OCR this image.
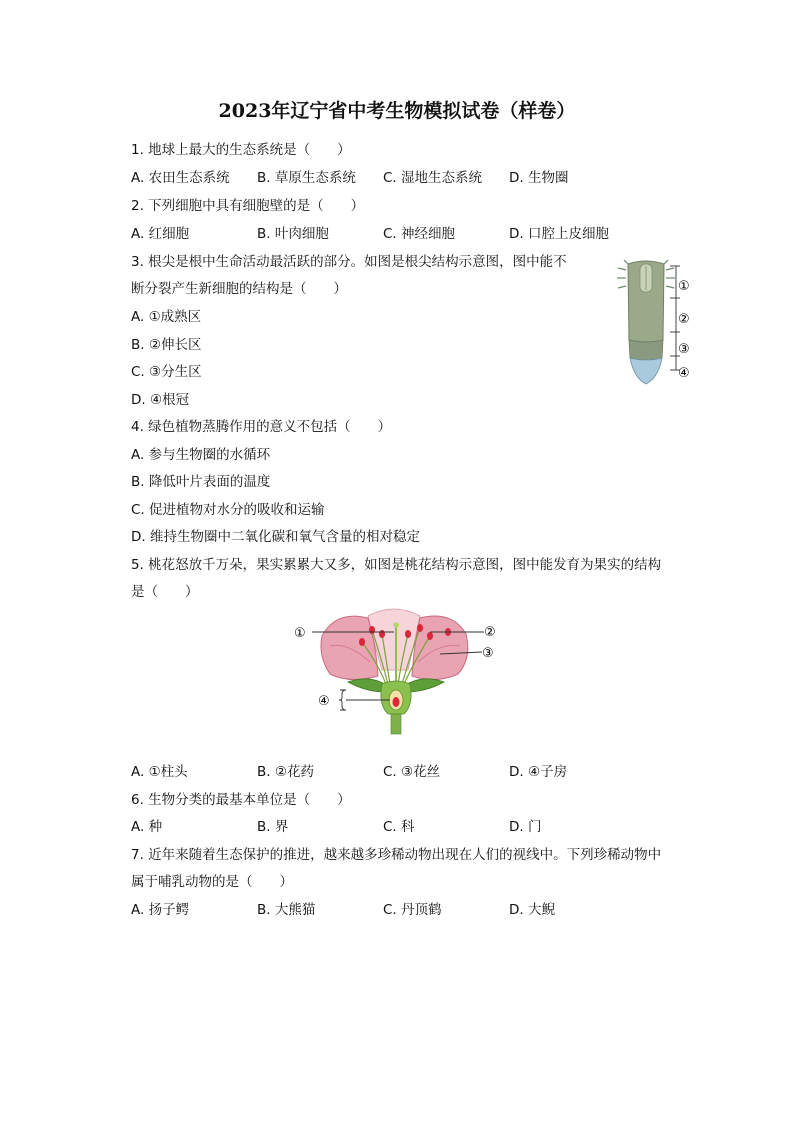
2023年辽宁省中考生物模拟试卷（样卷）
1. 地球上最大的生态系统是（　　）
A. 农田生态系统 B. 草原生态系统 C. 湿地生态系统 D. 生物圈
2. 下列细胞中具有细胞壁的是（　　）
A. 红细胞	B. 叶肉细胞	C. 神经细胞	D. 口腔上皮细胞
3. 根尖是根中生命活动最活跃的部分。如图是根尖结构示意图，图中能不
断分裂产生新细胞的结构是（　　）
A. ①成熟区
B. ②伸长区
C. ③分生区
D. ④根冠
①
②
③
④
4. 绿色植物蒸腾作用的意义不包括（　　）
A. 参与生物圈的水循环
B. 降低叶片表面的温度
C. 促进植物对水分的吸收和运输
D. 维持生物圈中二氧化碳和氧气含量的相对稳定
5. 桃花怒放千万朵，果实累累大又多，如图是桃花结构示意图，图中能发育为果实的结构
是（　　）
①	②
③
④
A. ①柱头	B. ②花药	C. ③花丝	D. ④子房
6. 生物分类的最基本单位是（　　）
A. 种	B. 界	C. 科	D. 门
7. 近年来随着生态保护的推进，越来越多珍稀动物出现在人们的视线中。下列珍稀动物中
属于哺乳动物的是（　　）
A. 扬子鳄	B. 大熊猫	C. 丹顶鹤	D. 大鲵
